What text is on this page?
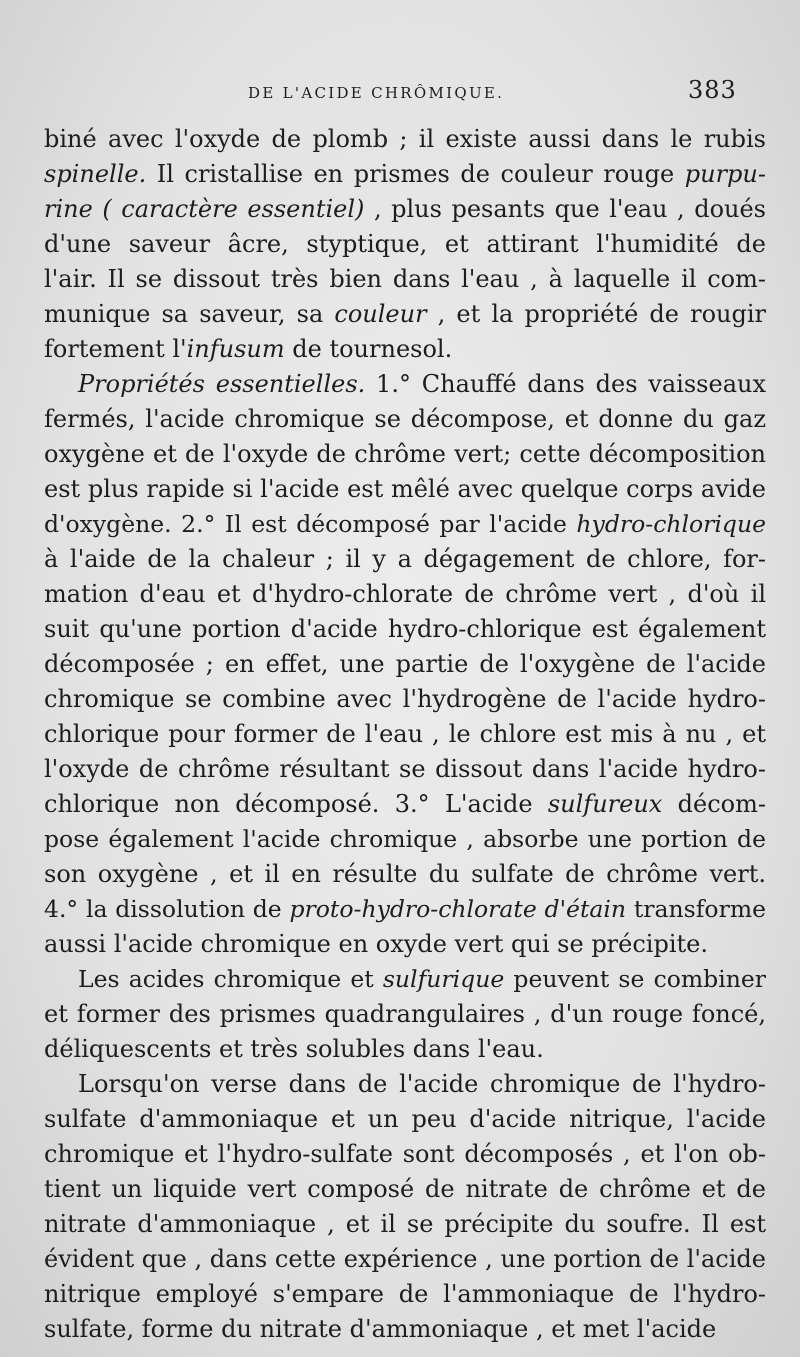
DE L'ACIDE CHRÔMIQUE.	383

biné avec l'oxyde de plomb ; il existe aussi dans le rubis
spinelle. Il cristallise en prismes de couleur rouge purpu-
rine ( caractère essentiel) , plus pesants que l'eau , doués
d'une saveur âcre, styptique, et attirant l'humidité de
l'air. Il se dissout très bien dans l'eau , à laquelle il com-
munique sa saveur, sa couleur , et la propriété de rougir
fortement l'infusum de tournesol.

Propriétés essentielles. 1.° Chauffé dans des vaisseaux
fermés, l'acide chromique se décompose, et donne du gaz
oxygène et de l'oxyde de chrôme vert; cette décomposition
est plus rapide si l'acide est mêlé avec quelque corps avide
d'oxygène. 2.° Il est décomposé par l'acide hydro-chlorique
à l'aide de la chaleur ; il y a dégagement de chlore, for-
mation d'eau et d'hydro-chlorate de chrôme vert , d'où il
suit qu'une portion d'acide hydro-chlorique est également
décomposée ; en effet, une partie de l'oxygène de l'acide
chromique se combine avec l'hydrogène de l'acide hydro-
chlorique pour former de l'eau , le chlore est mis à nu , et
l'oxyde de chrôme résultant se dissout dans l'acide hydro-
chlorique non décomposé. 3.° L'acide sulfureux décom-
pose également l'acide chromique , absorbe une portion de
son oxygène , et il en résulte du sulfate de chrôme vert.
4.° la dissolution de proto-hydro-chlorate d'étain transforme
aussi l'acide chromique en oxyde vert qui se précipite.

Les acides chromique et sulfurique peuvent se combiner
et former des prismes quadrangulaires , d'un rouge foncé,
déliquescents et très solubles dans l'eau.

Lorsqu'on verse dans de l'acide chromique de l'hydro-
sulfate d'ammoniaque et un peu d'acide nitrique, l'acide
chromique et l'hydro-sulfate sont décomposés , et l'on ob-
tient un liquide vert composé de nitrate de chrôme et de
nitrate d'ammoniaque , et il se précipite du soufre. Il est
évident que , dans cette expérience , une portion de l'acide
nitrique employé s'empare de l'ammoniaque de l'hydro-
sulfate, forme du nitrate d'ammoniaque , et met l'acide
